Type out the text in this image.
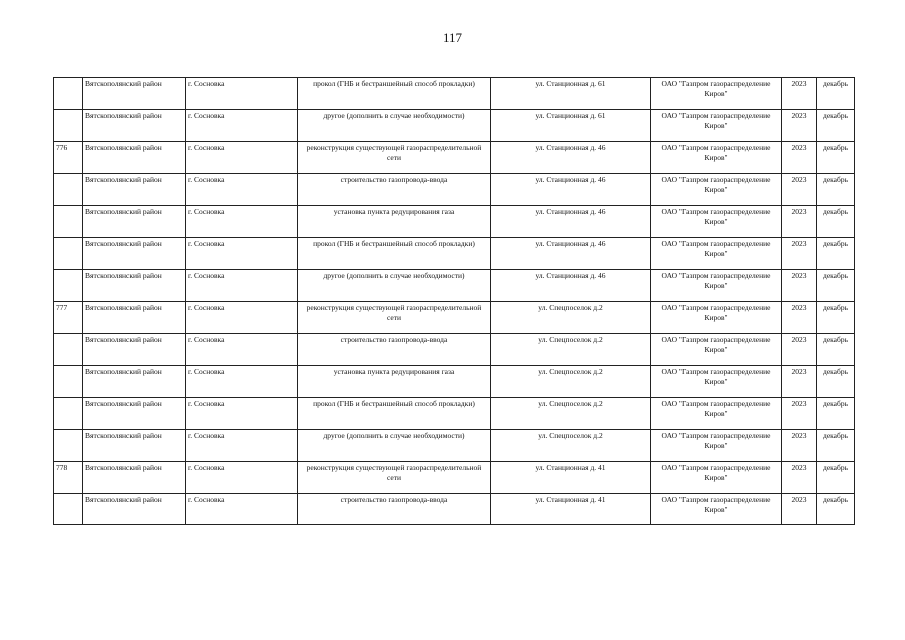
117
	Вятскополянский район	г. Сосновка	прокол (ГНБ и бестраншейный способ прокладки)	ул. Станционная д. 61	ОАО "Газпром газораспределение Киров"	2023	декабрь
	Вятскополянский район	г. Сосновка	другое (дополнить в случае необходимости)	ул. Станционная д. 61	ОАО "Газпром газораспределение Киров"	2023	декабрь
776	Вятскополянский район	г. Сосновка	реконструкция существующей газораспределительной сети	ул. Станционная д. 46	ОАО "Газпром газораспределение Киров"	2023	декабрь
	Вятскополянский район	г. Сосновка	строительство газопровода-ввода	ул. Станционная д. 46	ОАО "Газпром газораспределение Киров"	2023	декабрь
	Вятскополянский район	г. Сосновка	установка пункта редуцирования газа	ул. Станционная д. 46	ОАО "Газпром газораспределение Киров"	2023	декабрь
	Вятскополянский район	г. Сосновка	прокол (ГНБ и бестраншейный способ прокладки)	ул. Станционная д. 46	ОАО "Газпром газораспределение Киров"	2023	декабрь
	Вятскополянский район	г. Сосновка	другое (дополнить в случае необходимости)	ул. Станционная д. 46	ОАО "Газпром газораспределение Киров"	2023	декабрь
777	Вятскополянский район	г. Сосновка	реконструкция существующей газораспределительной сети	ул. Спецпоселок д.2	ОАО "Газпром газораспределение Киров"	2023	декабрь
	Вятскополянский район	г. Сосновка	строительство газопровода-ввода	ул. Спецпоселок д.2	ОАО "Газпром газораспределение Киров"	2023	декабрь
	Вятскополянский район	г. Сосновка	установка пункта редуцирования газа	ул. Спецпоселок д.2	ОАО "Газпром газораспределение Киров"	2023	декабрь
	Вятскополянский район	г. Сосновка	прокол (ГНБ и бестраншейный способ прокладки)	ул. Спецпоселок д.2	ОАО "Газпром газораспределение Киров"	2023	декабрь
	Вятскополянский район	г. Сосновка	другое (дополнить в случае необходимости)	ул. Спецпоселок д.2	ОАО "Газпром газораспределение Киров"	2023	декабрь
778	Вятскополянский район	г. Сосновка	реконструкция существующей газораспределительной сети	ул. Станционная д. 41	ОАО "Газпром газораспределение Киров"	2023	декабрь
	Вятскополянский район	г. Сосновка	строительство газопровода-ввода	ул. Станционная д. 41	ОАО "Газпром газораспределение Киров"	2023	декабрь
